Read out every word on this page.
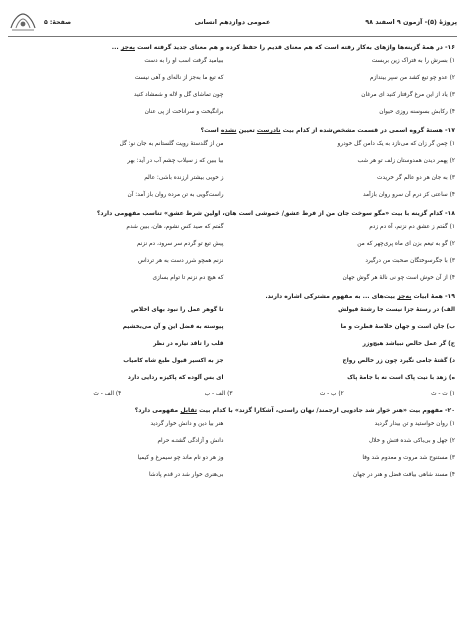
صفحهٔ: ۵	عمومی دوازدهم انسانی	پروژۀ (۵)- آزمون ۹ اسفند ۹۸
۱۶- در همهٔ گزینه‌ها واژهای به‌کار رفته است که هم معنای قدیم را حفظ کرده و هم معنای جدید گرفته است به‌جز ...
۱) بسرش را به فتراک زین بربست
ببیامید گرفت اسب او را به دست
۲) عدو چو تیغ کشد من سپر بیندازم
که تیغ ما به‌جز از ناله‌ای و آهی نیست
۳) یاد از این مرغ گرفتار کنید ای مرغان
چون تماشای گل و لاله و شمشاد کنید
۴) رکابش بسوسنه روزی حیوان
برانگیخت و سراناخت از پی عنان
۱۷- هستهٔ گروه اسمی در قسمت مشخص‌شده از کدام بیت نادرست تعیین نشده است؟
۱) چمن گر زان که می‌نازد به یک دامن گل خودرو
من از گلدستهٔ رویت گلستانم به جان نو: گل
۲) پهمر دیدن همدوستان زلف تو هر شب
بیا ببین که ز سیلاب چشم آب در آید: بهر
۳) به جان هر دو عالم گر خریدت
ز خوبی بیشتر ارزنده باشی: عالم
۴) ساعتی کز درم آن سرو روان بازآمد
راست‌گویی به تن مرده روان باز آمد: آن
۱۸- کدام گزینه با بیت «مگو سوخت جان من از فرط عشق/ خموشی است هان، اولین شرط عشق» تناسب مفهومی دارد؟
۱) گفتم ز عشق دم نزنم، آه دم زدم
گفتم که صید کس نشوم، هان، ببین شدم
۲) گو به تیغم بزن ای ماه پری‌چهر که من
پیش تیغ تو گردم سر سرود، دم نزنم
۳) با جگرسوختگان صحبت من درگیرد
نزنم همچو شرر دست به هر ترداس
۴) از آن خوش است چو نی نالهٔ هر گوش جهان
که هیچ دم نزنم تا توام بسازی
۱۹- همهٔ ابیات به‌جز بیت‌های ... به مفهوم مشترکی اشاره دارند.
الف) در رستهٔ جزا نیست جا رشتهٔ فیولش
تا گوهر عمل را نبود بهای اخلاص
ب) جان است و جهان خلاصهٔ فطرت و ما
پیوسته به فضل این و آن می‌بخشیم
ج) گر عمل خالص نبیاشد هیچ‌وزر
قلب را تاقد نیاره در نظر
د) گفتهٔ جامی نگیرد چون زر خالص رواج
جز به اکسیر قبول طبع شاه کامیاب
ه) زهد با نیت پاک است نه با جامهٔ پاک
ای بس آلوده که پاکیزه ردایی دارد
۱) ت - ث
۲) ب - ت
۳) الف - ب
۴) الف - ث
۲۰- مفهوم بیت «هنر خوار شد جادویی ارجمند/ نهان راستی، آشکارا گزند» با کدام بیت تقابل مفهومی دارد؟
۱) روان خواستید و تن بیدار گردید
هنر بیا دین و دانش خوار گردید
۲) جهل و بی‌باکی شده فتش و خلال
دانش و آزادگی گشتـه حرام
۳) مستنوح شد مروت و معدوم شد وفا
وز هر دو نام ماند چو سیمرغ و کیمیا
۴) مسند شاهی بیافت فضل و هنر در جهان
بی‌هنری خوار شد در قدم پادشا
